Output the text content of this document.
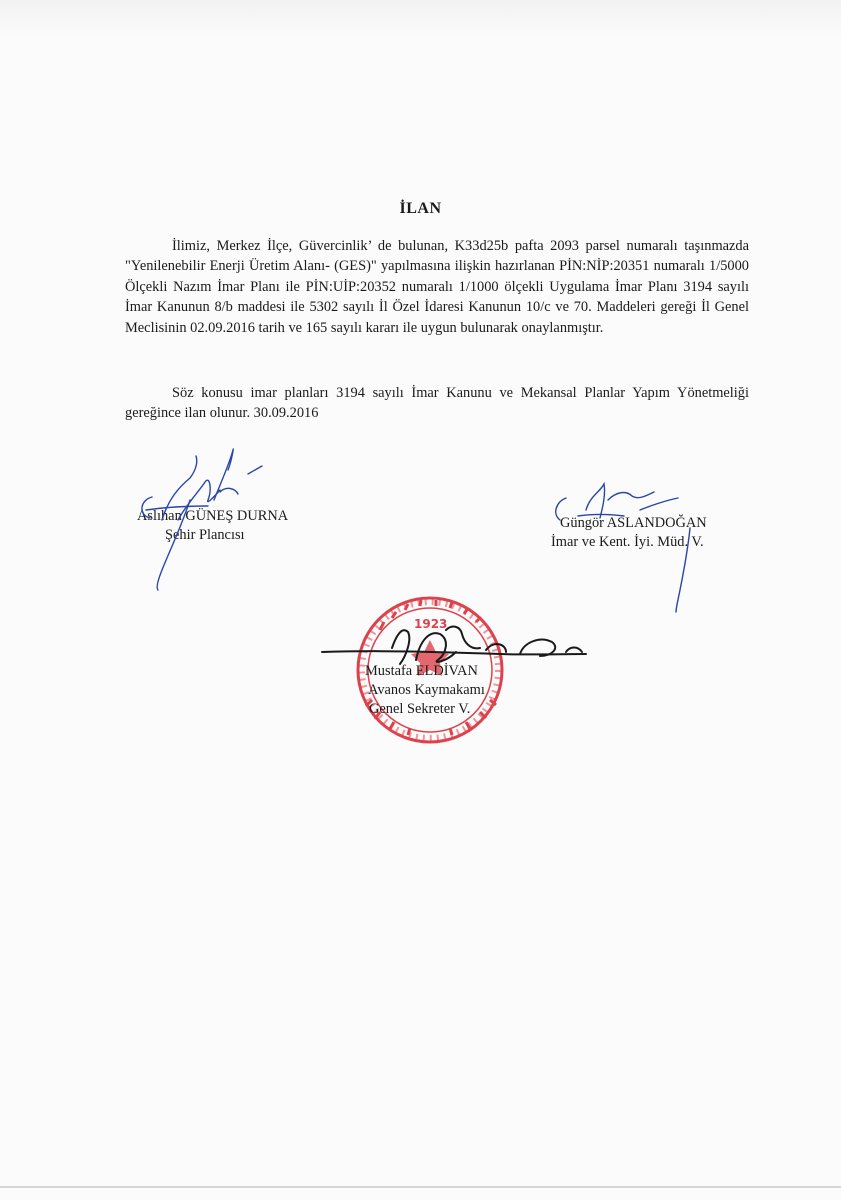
İLAN

İlimiz, Merkez İlçe, Güvercinlik’ de bulunan, K33d25b pafta 2093 parsel numaralı taşınmazda "Yenilenebilir Enerji Üretim Alanı- (GES)" yapılmasına ilişkin hazırlanan PİN:NİP:20351 numaralı 1/5000 Ölçekli Nazım İmar Planı ile PİN:UİP:20352 numaralı 1/1000 ölçekli Uygulama İmar Planı 3194 sayılı İmar Kanunun 8/b maddesi ile 5302 sayılı İl Özel İdaresi Kanunun 10/c ve 70. Maddeleri gereği İl Genel Meclisinin 02.09.2016 tarih ve 165 sayılı kararı ile uygun bulunarak onaylanmıştır.

Söz konusu imar planları 3194 sayılı İmar Kanunu ve Mekansal Planlar Yapım Yönetmeliği gereğince ilan olunur. 30.09.2016

1923
Aslıhan GÜNEŞ DURNA
Şehir Plancısı
Güngör ASLANDOĞAN
İmar ve Kent. İyi. Müd. V.
Mustafa ELDİVAN
Avanos Kaymakamı
Genel Sekreter V.
